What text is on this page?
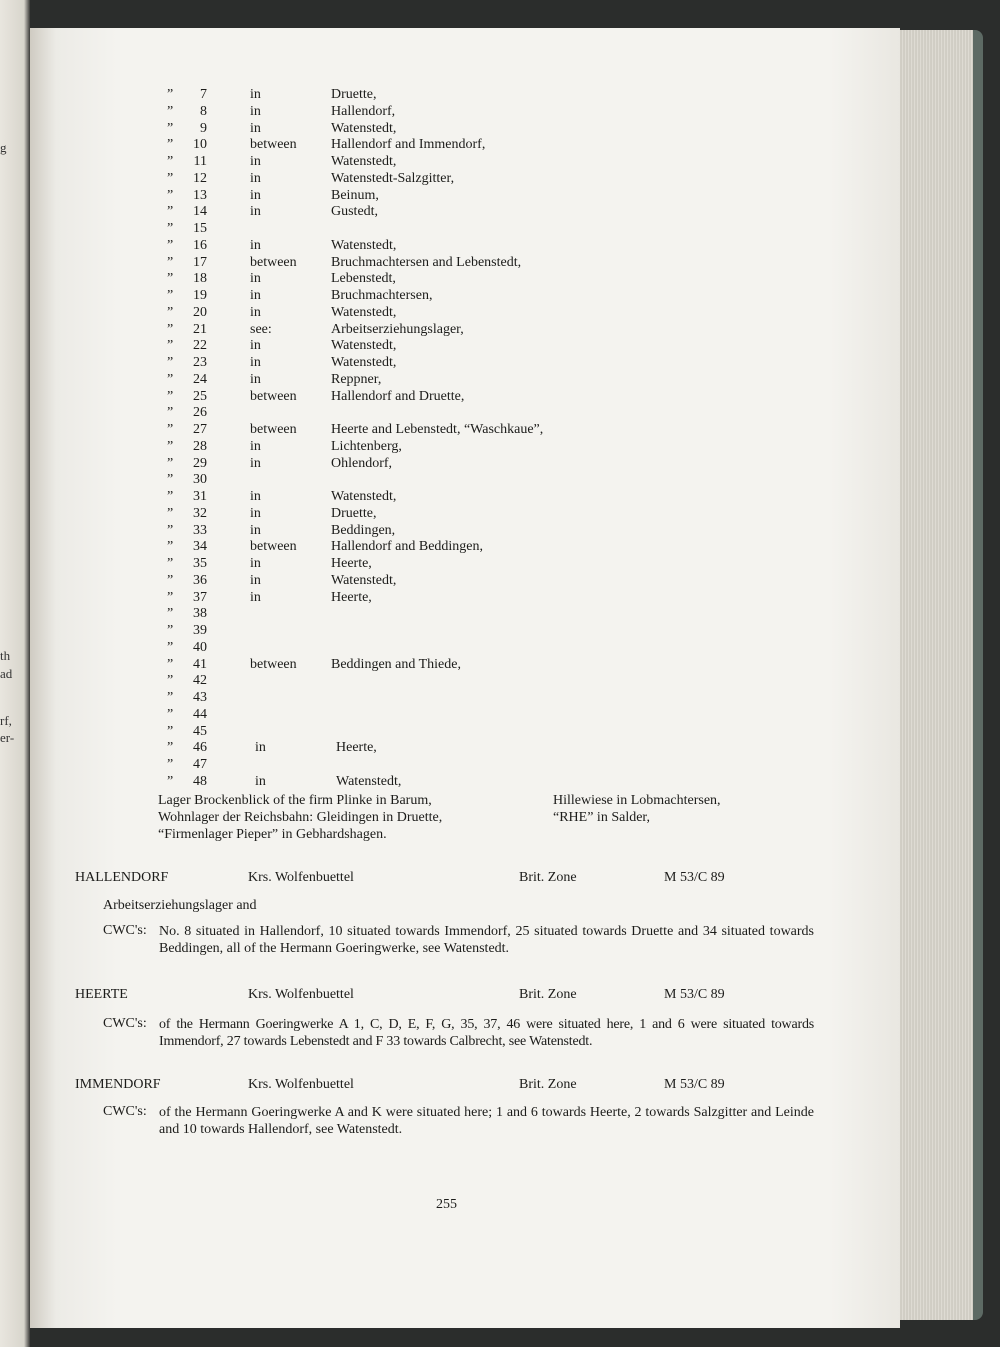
g
th
ad
rf,
er-
”	7	in	Druette,
”	8	in	Hallendorf,
”	9	in	Watenstedt,
”	10	between Hallendorf and Immendorf,
”	11	in	Watenstedt,
”	12	in	Watenstedt-Salzgitter,
”	13	in	Beinum,
”	14	in	Gustedt,
”	15
”	16	in	Watenstedt,
”	17	between Bruchmachtersen and Lebenstedt,
”	18	in	Lebenstedt,
”	19	in	Bruchmachtersen,
”	20	in	Watenstedt,
”	21	see:	Arbeitserziehungslager,
”	22	in	Watenstedt,
”	23	in	Watenstedt,
”	24	in	Reppner,
”	25	between Hallendorf and Druette,
”	26
”	27	between Heerte and Lebenstedt, “Waschkaue”,
”	28	in	Lichtenberg,
”	29	in	Ohlendorf,
”	30
”	31	in	Watenstedt,
”	32	in	Druette,
”	33	in	Beddingen,
”	34	between Hallendorf and Beddingen,
”	35	in	Heerte,
”	36	in	Watenstedt,
”	37	in	Heerte,
”	38
”	39
”	40
”	41	between Beddingen and Thiede,
”	42
”	43
”	44
”	45
”	46	in	Heerte,
”	47
”	48	in	Watenstedt,
Lager Brockenblick of the firm Plinke in Barum,
Wohnlager der Reichsbahn: Gleidingen in Druette,
“Firmenlager Pieper” in Gebhardshagen.
Hillewiese in Lobmachtersen,
“RHE” in Salder,
HALLENDORF	Krs. Wolfenbuettel	Brit. Zone	M 53/C 89
Arbeitserziehungslager and
CWC's: No. 8 situated in Hallendorf, 10 situated towards Immendorf, 25 situated towards Druette and 34 situated towards Beddingen, all of the Hermann Goeringwerke, see Watenstedt.
HEERTE	Krs. Wolfenbuettel	Brit. Zone	M 53/C 89
CWC's: of the Hermann Goeringwerke A 1, C, D, E, F, G, 35, 37, 46 were situated here, 1 and 6 were situated towards Immendorf, 27 towards Lebenstedt and F 33 towards Calbrecht, see Watenstedt.
IMMENDORF	Krs. Wolfenbuettel	Brit. Zone	M 53/C 89
CWC's: of the Hermann Goeringwerke A and K were situated here; 1 and 6 towards Heerte, 2 towards Salzgitter and Leinde and 10 towards Hallendorf, see Watenstedt.
255
